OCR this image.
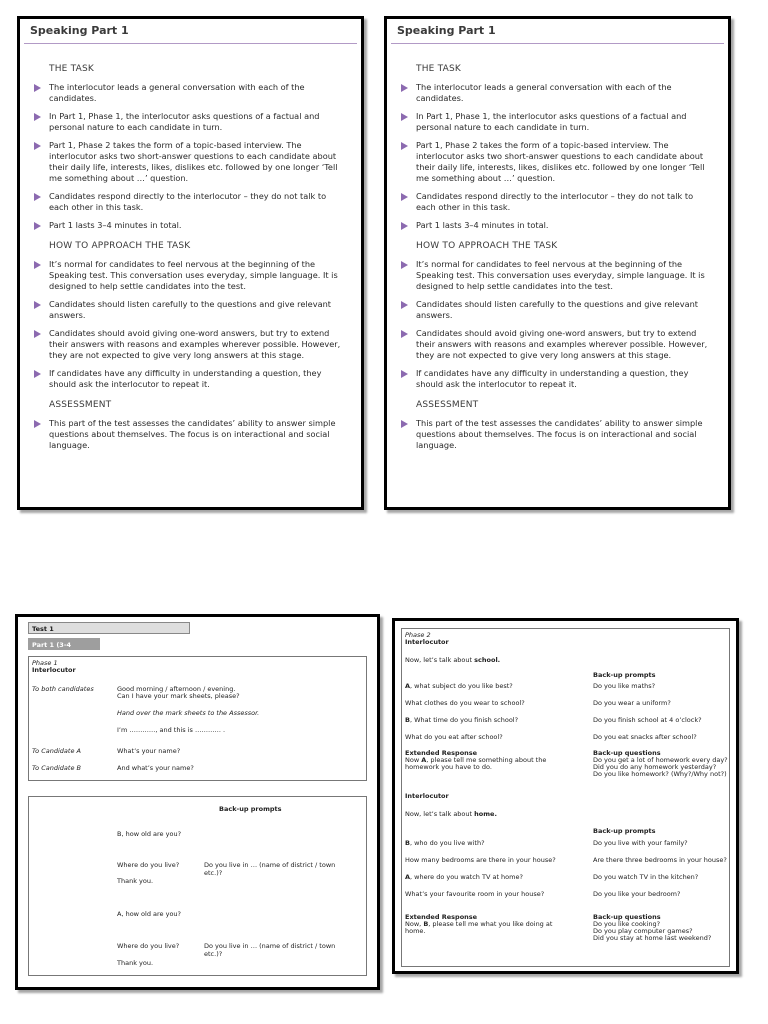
Speaking Part 1
THE TASK
The interlocutor leads a general conversation with each of the candidates.
In Part 1, Phase 1, the interlocutor asks questions of a factual and personal nature to each candidate in turn.
Part 1, Phase 2 takes the form of a topic-based interview. The interlocutor asks two short-answer questions to each candidate about their daily life, interests, likes, dislikes etc. followed by one longer ‘Tell me something about …’ question.
Candidates respond directly to the interlocutor – they do not talk to each other in this task.
Part 1 lasts 3–4 minutes in total.
HOW TO APPROACH THE TASK
It’s normal for candidates to feel nervous at the beginning of the Speaking test. This conversation uses everyday, simple language. It is designed to help settle candidates into the test.
Candidates should listen carefully to the questions and give relevant answers.
Candidates should avoid giving one-word answers, but try to extend their answers with reasons and examples wherever possible. However, they are not expected to give very long answers at this stage.
If candidates have any difficulty in understanding a question, they should ask the interlocutor to repeat it.
ASSESSMENT
This part of the test assesses the candidates’ ability to answer simple questions about themselves. The focus is on interactional and social language.
Speaking Part 1
THE TASK
The interlocutor leads a general conversation with each of the candidates.
In Part 1, Phase 1, the interlocutor asks questions of a factual and personal nature to each candidate in turn.
Part 1, Phase 2 takes the form of a topic-based interview. The interlocutor asks two short-answer questions to each candidate about their daily life, interests, likes, dislikes etc. followed by one longer ‘Tell me something about …’ question.
Candidates respond directly to the interlocutor – they do not talk to each other in this task.
Part 1 lasts 3–4 minutes in total.
HOW TO APPROACH THE TASK
It’s normal for candidates to feel nervous at the beginning of the Speaking test. This conversation uses everyday, simple language. It is designed to help settle candidates into the test.
Candidates should listen carefully to the questions and give relevant answers.
Candidates should avoid giving one-word answers, but try to extend their answers with reasons and examples wherever possible. However, they are not expected to give very long answers at this stage.
If candidates have any difficulty in understanding a question, they should ask the interlocutor to repeat it.
ASSESSMENT
This part of the test assesses the candidates’ ability to answer simple questions about themselves. The focus is on interactional and social language.
Test 1
Part 1 (3-4 minutes)
Phase 1
Interlocutor
To both candidates	Good morning / afternoon / evening.
Can I have your mark sheets, please?
Hand over the mark sheets to the Assessor.
I’m …………, and this is ………… .
To Candidate A	What’s your name?
To Candidate B	And what’s your name?
Back-up prompts
B, how old are you?
Where do you live?	Do you live in … (name of district / town etc.)?
Thank you.
A, how old are you?
Where do you live?	Do you live in … (name of district / town etc.)?
Thank you.
Phase 2
Interlocutor
Now, let’s talk about school.
Back-up prompts
A, what subject do you like best?	Do you like maths?
What clothes do you wear to school?	Do you wear a uniform?
B, What time do you finish school?	Do you finish school at 4 o’clock?
What do you eat after school?	Do you eat snacks after school?
Extended Response
Now A, please tell me something about the
homework you have to do.
Back-up questions
Do you get a lot of homework every day?
Did you do any homework yesterday?
Do you like homework? (Why?/Why not?)
Interlocutor
Now, let’s talk about home.
Back-up prompts
B, who do you live with?	Do you live with your family?
How many bedrooms are there in your house?	Are there three bedrooms in your house?
A, where do you watch TV at home?	Do you watch TV in the kitchen?
What’s your favourite room in your house?	Do you like your bedroom?
Extended Response
Now, B, please tell me what you like doing at
home.
Back-up questions
Do you like cooking?
Do you play computer games?
Did you stay at home last weekend?
